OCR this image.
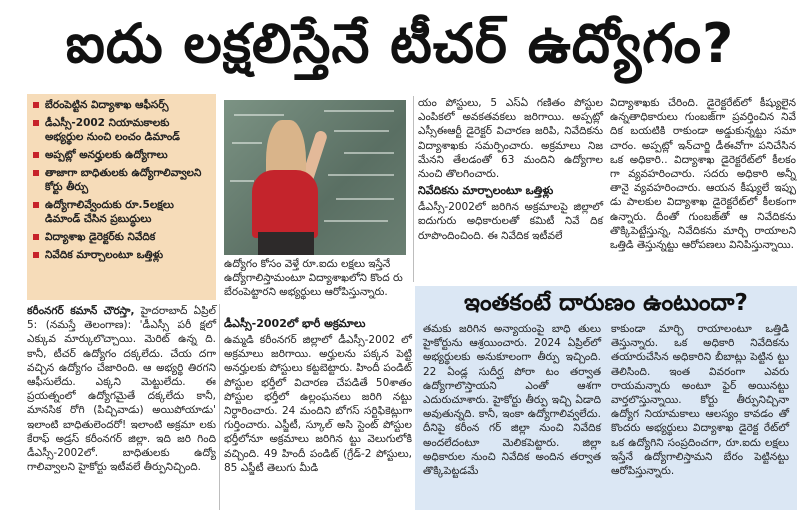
ఐదు లక్షలిస్తేనే టీచర్ ఉద్యోగం?
బేరంపెట్టిన విద్యాశాఖ ఆఫీసర్స్
డీఎస్సీ-2002 నియామకాలకు అభ్యర్థుల నుంచి లంచం డిమాండ్
అప్పట్లో అనర్హులకు ఉద్యోగాలు
తాజాగా బాధితులకు ఉద్యోగాలివ్వాలని కోర్టు తీర్పు
ఉద్యోగాలివ్వేందుకు రూ.5లక్షలు డిమాండ్ చేసిన ప్రబుద్ధులు
విద్యాశాఖ డైరెక్టర్‌కు నివేదిక
నివేదిక మార్చాలంటూ ఒత్తిళ్లు
ఉద్యోగం కోసం వెళ్తే రూ.ఐదు లక్షలు ఇస్తేనే ఉద్యోగాలిస్తామంటూ విద్యాశాఖలోని కొంద రు బేరంపెట్టారని అభ్యర్థులు ఆరోపిస్తున్నారు.

కరీంనగర్ కమాన్ చౌరస్తా, హైదరాబాద్ ఏప్రిల్ 5: (నమస్తే తెలంగాణ): 'డీఎస్సీ పరీ క్షలో ఎక్కువ మార్కులొచ్చాయి. మెరిట్ ఉన్న ది. కానీ, టీచర్ ఉద్యోగం దక్కలేదు. చేయ దగా వచ్చిన ఉద్యోగం చేజారింది. ఆ అభ్యర్థి తిరగని ఆఫీసులేదు. ఎక్కని మెట్టులేదు. ఈ ప్రయత్నంలో ఉద్యోగమైతే దక్కలేదు కానీ, మానసిక రోగి (పిచ్చివాడు) అయిపోయాడు' ఇలాంటి బాధితులెందరో! ఇలాంటి అక్రమా లకు కేరాఫ్ అడ్రస్ కరీంనగర్ జిల్లా. ఇది జరి గింది డీఎస్సీ-2002లో. బాధితులకు ఉద్యో గాలివ్వాలని హైకోర్టు ఇటీవలే తీర్పునిచ్చింది.

డీఎస్సీ-2002లో భారీ అక్రమాలు

ఉమ్మడి కరీంనగర్ జిల్లాలో డీఎస్సీ-2002 లో అక్రమాలు జరిగాయి. అర్హులను పక్కన పెట్టి అనర్హులకు పోస్టులు కట్టబెట్టారు. హిందీ పండిట్ పోస్టుల భర్తీలో విచారణ చేపడితే 50శాతం పోస్టుల భర్తీలో ఉల్లంఘనలు జరిగి నట్టు నిర్ధారించారు. 24 మందిని బోగస్ సర్టిఫికెట్లుగా గుర్తించారు. ఎస్జీటీ, స్కూల్ అసి స్టెంట్ పోస్టుల భర్తీలోనూ అక్రమాలు జరిగిన ట్టు వెలుగులోకి వచ్చింది. 49 హిందీ పండిట్ (గ్రేడ్-2 పోస్టులు, 85 ఎస్జీటీ తెలుగు మీడి

యం పోస్టులు, 5 ఎస్ఏ గణితం పోస్టుల ఎంపికలో అవకతవకలు జరిగాయి. అప్పట్లో ఎస్సీఈఆర్టీ డైరెక్టర్ విచారణ జరిపి, నివేదికను విద్యాశాఖకు సమర్పించారు. అక్రమాలు నిజ మేనని తేలడంతో 63 మందిని ఉద్యోగాల నుంచి తొలగించారు.

నివేదికను మార్చాలంటూ ఒత్తిళ్లు

డీఎస్సీ-2002లో జరిగిన అక్రమాలపై జిల్లాలో ఐదుగురు అధికారులతో కమిటీ నివే దిక రూపొందించింది. ఈ నివేదిక ఇటీవలే

విద్యాశాఖకు చేరింది. డైరెక్టరేట్‌లో కీష్యులైన ఉన్నతాధికారులు గుంబజ్‌గా ప్రవర్తించిన నివే దిక బయటికి రాకుండా అడ్డుకున్నట్టు సమా చారం. అప్పట్లో ఇన్‌చార్జి డీఈవోగా పనిచేసిన ఒక అధికారి.. విద్యాశాఖ డైరెక్టరేట్‌లో కీలకం గా వ్యవహరించారు. సదరు అధికారి అన్నీ తానై వ్యవహరించారు. ఆయన కీష్యులే ఇప్పు డు పాలకుల విద్యాశాఖ డైరెక్టరేట్‌లో కీలకంగా ఉన్నారు. దీంతో గుంబజ్‌తో ఆ నివేదికను తొక్కిపెట్టేస్తున్న, నివేదికను మార్చి రాయాలని ఒత్తిడి తెస్తున్నట్టు ఆరోపణలు వినిపిస్తున్నాయి.

ఇంతకంటే దారుణం ఉంటుందా?
తమకు జరిగిన అన్యాయంపై బాధి తులు హైకోర్టును ఆశ్రయించారు. 2024 ఏప్రిల్‌లో అభ్యర్థులకు అనుకూలంగా తీర్పు ఇచ్చింది. 22 ఏండ్ల సుదీర్ఘ పోరా టం తర్వాత ఉద్యోగాలొస్తాయని ఎంతో ఆశగా ఎదురుచూశారు. హైకోర్టు తీర్పు ఇచ్చి ఏడాది అవుతున్నది. కానీ, ఇంకా ఉద్యోగాలివ్వలేదు. దీనిపై కరీంన గర్ జిల్లా నుంచి నివేదిక అందలేదంటూ మెలికపెట్టారు. జిల్లా అధికారుల నుంచి నివేదిక అందిన తర్వాత తొక్కిపెట్టడమే
కాకుండా మార్చి రాయాలంటూ ఒత్తిడి తెస్తున్నారు. ఒక అధికారి నివేదికను తయారుచేసిన అధికారిని బీబాట్లు పెట్టిన ట్టు తెలిసింది. ఇంత వివరంగా ఎవరు రాయమన్నారు అంటూ ఫైర్ అయినట్టు వార్తలొస్తున్నాయి. కోర్టు తీర్పునిచ్చినా ఉద్యోగ నియామకాలు ఆలస్యం కావడం తో కొందరు అభ్యర్థులు విద్యాశాఖ డైరెక్ట రేట్‌లో ఒక ఉద్యోగిని సంప్రదించగా, రూ.ఐదు లక్షలు ఇస్తేనే ఉద్యోగాలిస్తామని బేరం పెట్టినట్టు ఆరోపిస్తున్నారు.
